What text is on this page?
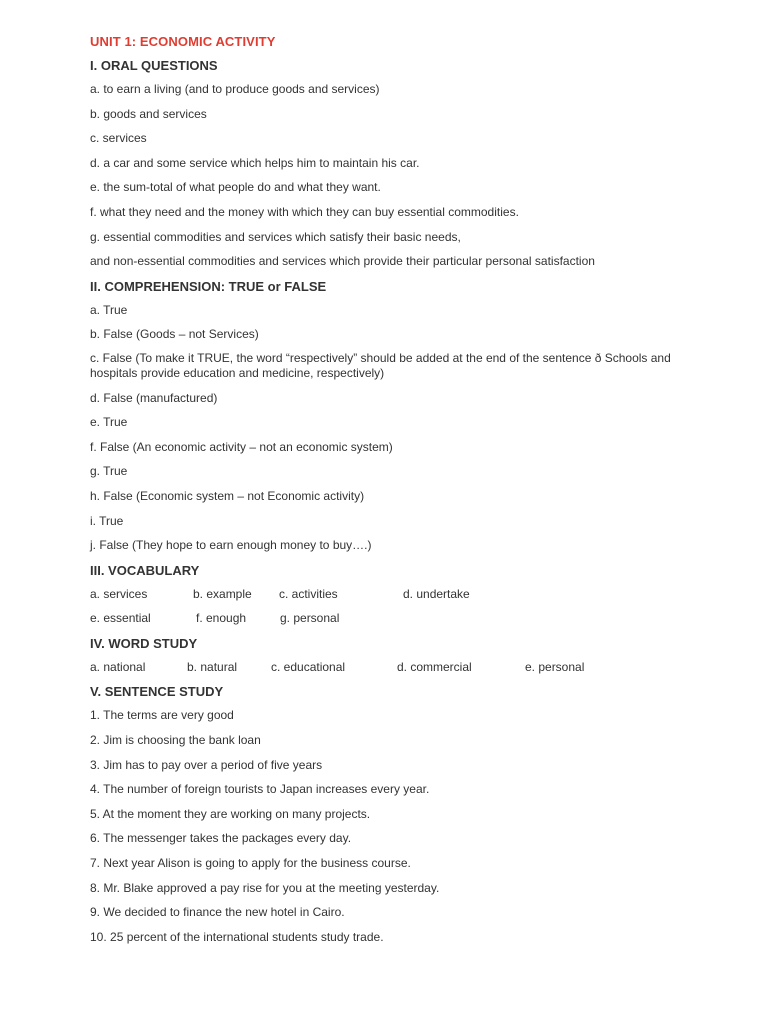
UNIT 1: ECONOMIC ACTIVITY
I. ORAL QUESTIONS
a. to earn a living (and to produce goods and services)
b. goods and services
c. services
d. a car and some service which helps him to maintain his car.
e. the sum-total of what people do and what they want.
f. what they need and the money with which they can buy essential commodities.
g. essential commodities and services which satisfy their basic needs,
and non-essential commodities and services which provide their particular personal satisfaction
II. COMPREHENSION: TRUE or FALSE
a. True
b. False (Goods – not Services)
c. False (To make it TRUE, the word “respectively” should be added at the end of the sentence ð Schools and hospitals provide education and medicine, respectively)
d. False (manufactured)
e. True
f. False (An economic activity – not an economic system)
g. True
h. False (Economic system – not Economic activity)
i. True
j. False (They hope to earn enough money to buy….)
III. VOCABULARY
a. services	b. example c. activities	d. undertake
e. essential	f. enough	g. personal
IV. WORD STUDY
a. national	b. natural	c. educational	d. commercial	e. personal
V. SENTENCE STUDY
1. The terms are very good
2. Jim is choosing the bank loan
3. Jim has to pay over a period of five years
4. The number of foreign tourists to Japan increases every year.
5. At the moment they are working on many projects.
6. The messenger takes the packages every day.
7. Next year Alison is going to apply for the business course.
8. Mr. Blake approved a pay rise for you at the meeting yesterday.
9. We decided to finance the new hotel in Cairo.
10. 25 percent of the international students study trade.
